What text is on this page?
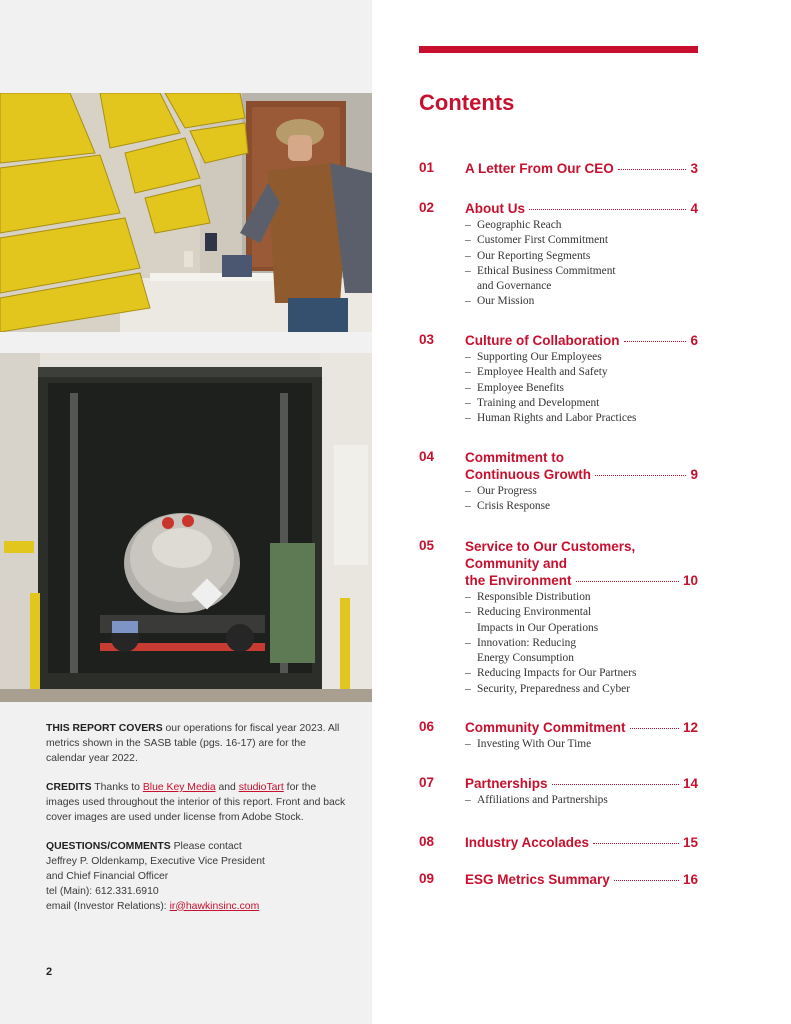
THIS REPORT COVERS our operations for fiscal year 2023. All metrics shown in the SASB table (pgs. 16-17) are for the calendar year 2022.

CREDITS Thanks to Blue Key Media and studioTart for the images used throughout the interior of this report. Front and back cover images are used under license from Adobe Stock.

QUESTIONS/COMMENTS Please contact
Jeffrey P. Oldenkamp, Executive Vice President
and Chief Financial Officer
tel (Main): 612.331.6910
email (Investor Relations): ir@hawkinsinc.com

2
Contents
01 A Letter From Our CEO	3
02 About Us	4
– Geographic Reach
– Customer First Commitment
– Our Reporting Segments
– Ethical Business Commitment
and Governance
– Our Mission
03 Culture of Collaboration	6
– Supporting Our Employees
– Employee Health and Safety
– Employee Benefits
– Training and Development
– Human Rights and Labor Practices
04 Commitment to
Continuous Growth	9
– Our Progress
– Crisis Response
05 Service to Our Customers,
Community and
the Environment	10
– Responsible Distribution
– Reducing Environmental
Impacts in Our Operations
– Innovation: Reducing
Energy Consumption
– Reducing Impacts for Our Partners
– Security, Preparedness and Cyber
06 Community Commitment	12
– Investing With Our Time
07 Partnerships	14
– Affiliations and Partnerships
08 Industry Accolades	15
09 ESG Metrics Summary	16
